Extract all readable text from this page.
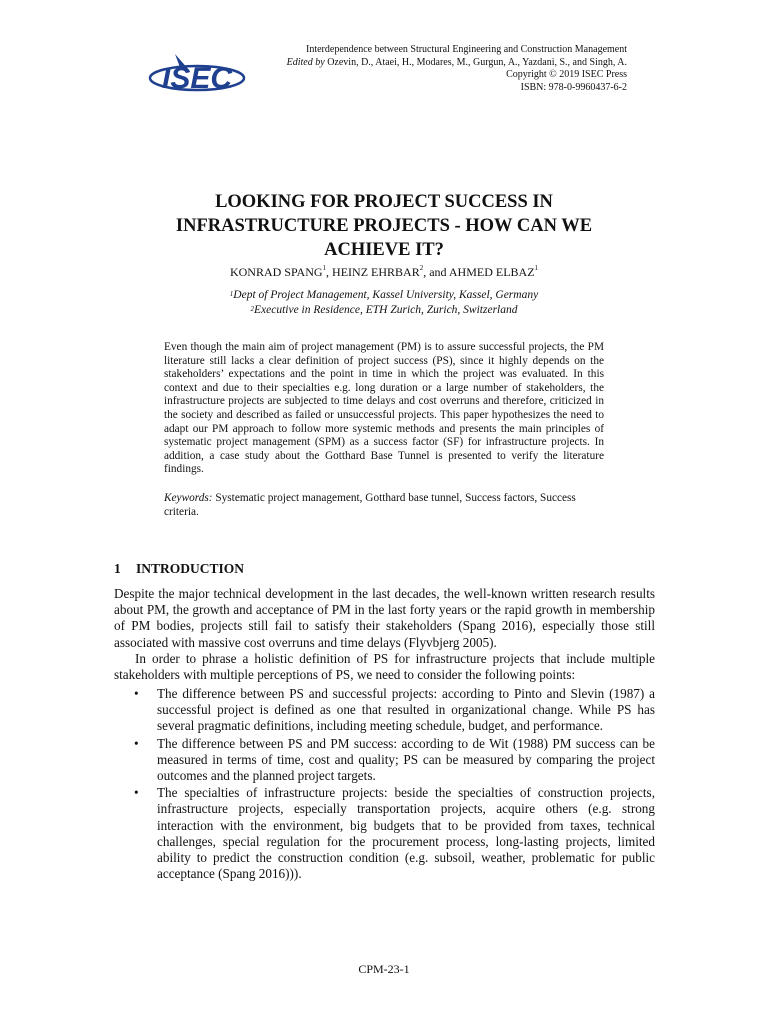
ISEC
Interdependence between Structural Engineering and Construction Management
Edited by Ozevin, D., Ataei, H., Modares, M., Gurgun, A., Yazdani, S., and Singh, A.
Copyright © 2019 ISEC Press
ISBN: 978-0-9960437-6-2
LOOKING FOR PROJECT SUCCESS IN
INFRASTRUCTURE PROJECTS - HOW CAN WE
ACHIEVE IT?
KONRAD SPANG$^1$, HEINZ EHRBAR$^2$, and AHMED ELBAZ$^1$
$^1$Dept of Project Management, Kassel University, Kassel, Germany
$^2$Executive in Residence, ETH Zurich, Zurich, Switzerland
Even though the main aim of project management (PM) is to assure successful projects, the PM literature still lacks a clear definition of project success (PS), since it highly depends on the stakeholders’ expectations and the point in time in which the project was evaluated. In this context and due to their specialties e.g. long duration or a large number of stakeholders, the infrastructure projects are subjected to time delays and cost overruns and therefore, criticized in the society and described as failed or unsuccessful projects. This paper hypothesizes the need to adapt our PM approach to follow more systemic methods and presents the main principles of systematic project management (SPM) as a success factor (SF) for infrastructure projects. In addition, a case study about the Gotthard Base Tunnel is presented to verify the literature findings.
Keywords: Systematic project management, Gotthard base tunnel, Success factors, Success criteria.
1 INTRODUCTION
Despite the major technical development in the last decades, the well-known written research results about PM, the growth and acceptance of PM in the last forty years or the rapid growth in membership of PM bodies, projects still fail to satisfy their stakeholders (Spang 2016), especially those still associated with massive cost overruns and time delays (Flyvbjerg 2005).
In order to phrase a holistic definition of PS for infrastructure projects that include multiple stakeholders with multiple perceptions of PS, we need to consider the following points:
• The difference between PS and successful projects: according to Pinto and Slevin (1987) a successful project is defined as one that resulted in organizational change. While PS has several pragmatic definitions, including meeting schedule, budget, and performance.
• The difference between PS and PM success: according to de Wit (1988) PM success can be measured in terms of time, cost and quality; PS can be measured by comparing the project outcomes and the planned project targets.
• The specialties of infrastructure projects: beside the specialties of construction projects, infrastructure projects, especially transportation projects, acquire others (e.g. strong interaction with the environment, big budgets that to be provided from taxes, technical challenges, special regulation for the procurement process, long-lasting projects, limited ability to predict the construction condition (e.g. subsoil, weather, problematic for public acceptance (Spang 2016))).
CPM-23-1
